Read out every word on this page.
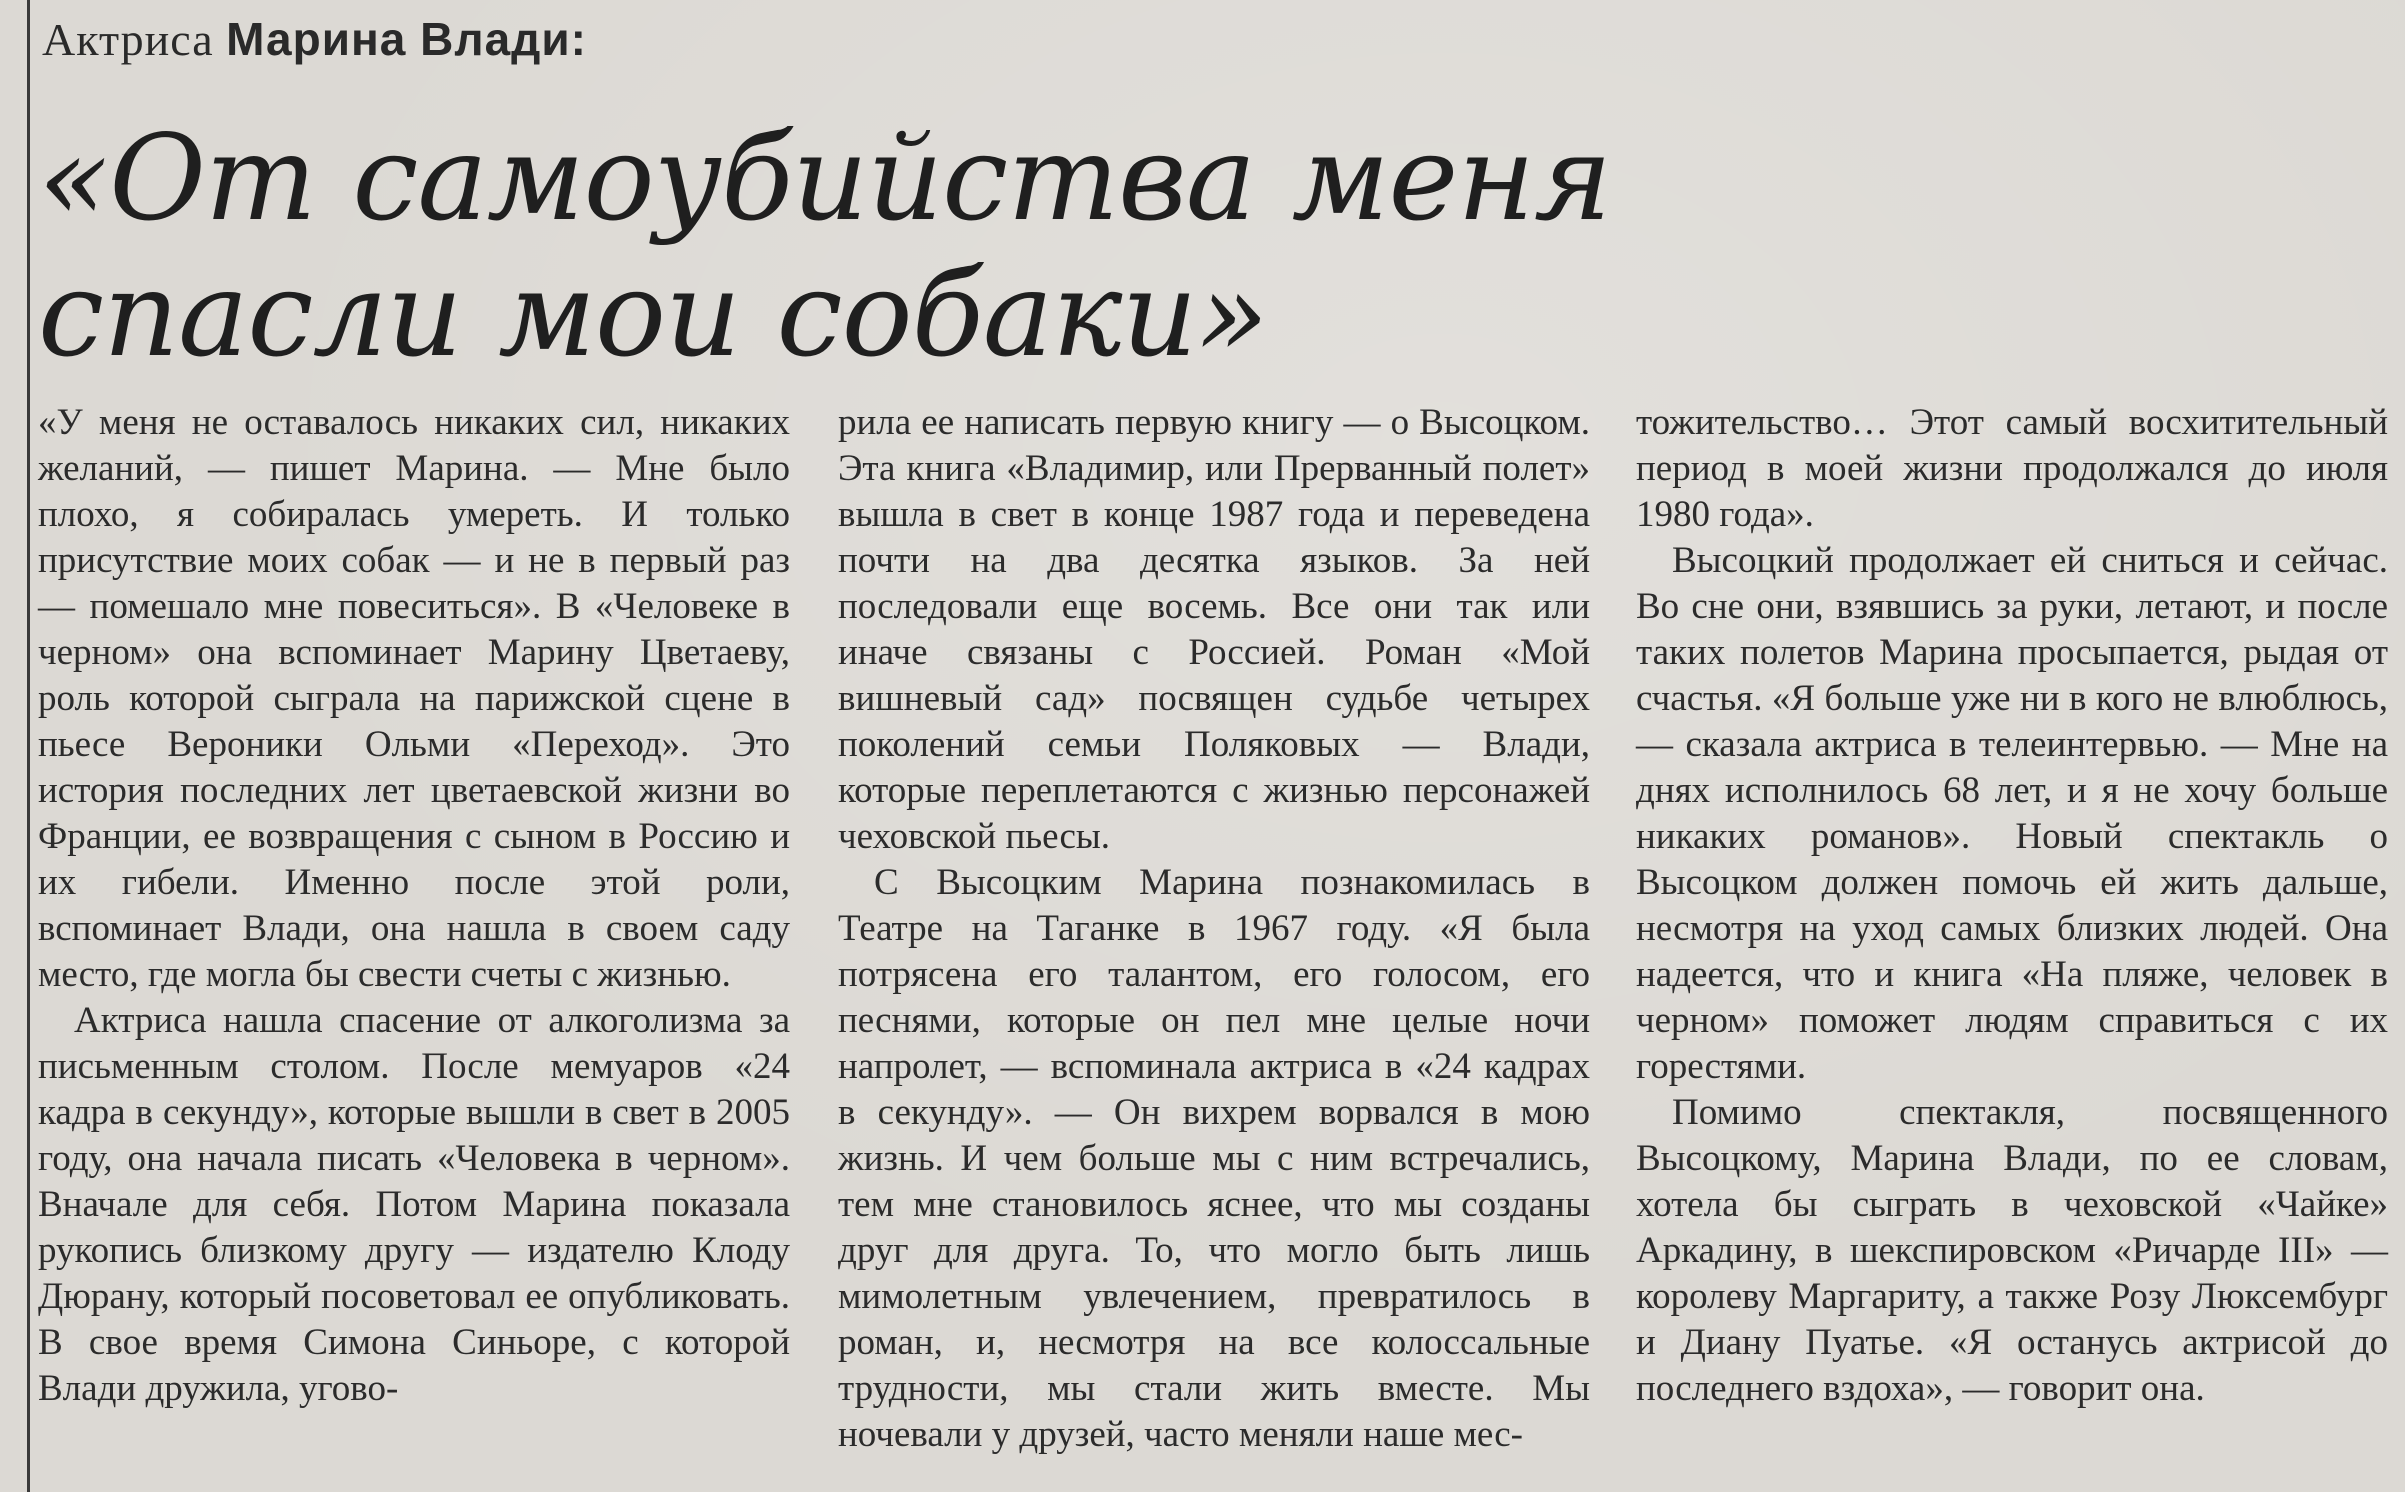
Актриса Марина Влади:
«От самоубийства меня спасли мои собаки»

«У меня не оставалось никаких сил, никаких желаний, — пишет Марина. — Мне было плохо, я собиралась умереть. И только присутствие моих собак — и не в первый раз — помешало мне повеситься». В «Человеке в черном» она вспоминает Марину Цветаеву, роль которой сыграла на парижской сцене в пьесе Вероники Ольми «Переход». Это история последних лет цветаевской жизни во Франции, ее возвращения с сыном в Россию и их гибели. Именно после этой роли, вспоминает Влади, она нашла в своем саду место, где могла бы свести счеты с жизнью.

Актриса нашла спасение от алкоголизма за письменным столом. После мемуаров «24 кадра в секунду», которые вышли в свет в 2005 году, она начала писать «Человека в черном». Вначале для себя. Потом Марина показала рукопись близкому другу — издателю Клоду Дюрану, который посоветовал ее опубликовать. В свое время Симона Синьоре, с которой Влади дружила, угово-

рила ее написать первую книгу — о Высоцком. Эта книга «Владимир, или Прерванный полет» вышла в свет в конце 1987 года и переведена почти на два десятка языков. За ней последовали еще восемь. Все они так или иначе связаны с Россией. Роман «Мой вишневый сад» посвящен судьбе четырех поколений семьи Поляковых — Влади, которые переплетаются с жизнью персонажей чеховской пьесы.

С Высоцким Марина познакомилась в Театре на Таганке в 1967 году. «Я была потрясена его талантом, его голосом, его песнями, которые он пел мне целые ночи напролет, — вспоминала актриса в «24 кадрах в секунду». — Он вихрем ворвался в мою жизнь. И чем больше мы с ним встречались, тем мне становилось яснее, что мы созданы друг для друга. То, что могло быть лишь мимолетным увлечением, превратилось в роман, и, несмотря на все колоссальные трудности, мы стали жить вместе. Мы ночевали у друзей, часто меняли наше мес-

тожительство… Этот самый восхитительный период в моей жизни продолжался до июля 1980 года».

Высоцкий продолжает ей сниться и сейчас. Во сне они, взявшись за руки, летают, и после таких полетов Марина просыпается, рыдая от счастья. «Я больше уже ни в кого не влюблюсь, — сказала актриса в телеинтервью. — Мне на днях исполнилось 68 лет, и я не хочу больше никаких романов». Новый спектакль о Высоцком должен помочь ей жить дальше, несмотря на уход самых близких людей. Она надеется, что и книга «На пляже, человек в черном» поможет людям справиться с их горестями.

Помимо спектакля, посвященного Высоцкому, Марина Влади, по ее словам, хотела бы сыграть в чеховской «Чайке» Аркадину, в шекспировском «Ричарде III» — королеву Маргариту, а также Розу Люксембург и Диану Пуатье. «Я останусь актрисой до последнего вздоха», — говорит она.
